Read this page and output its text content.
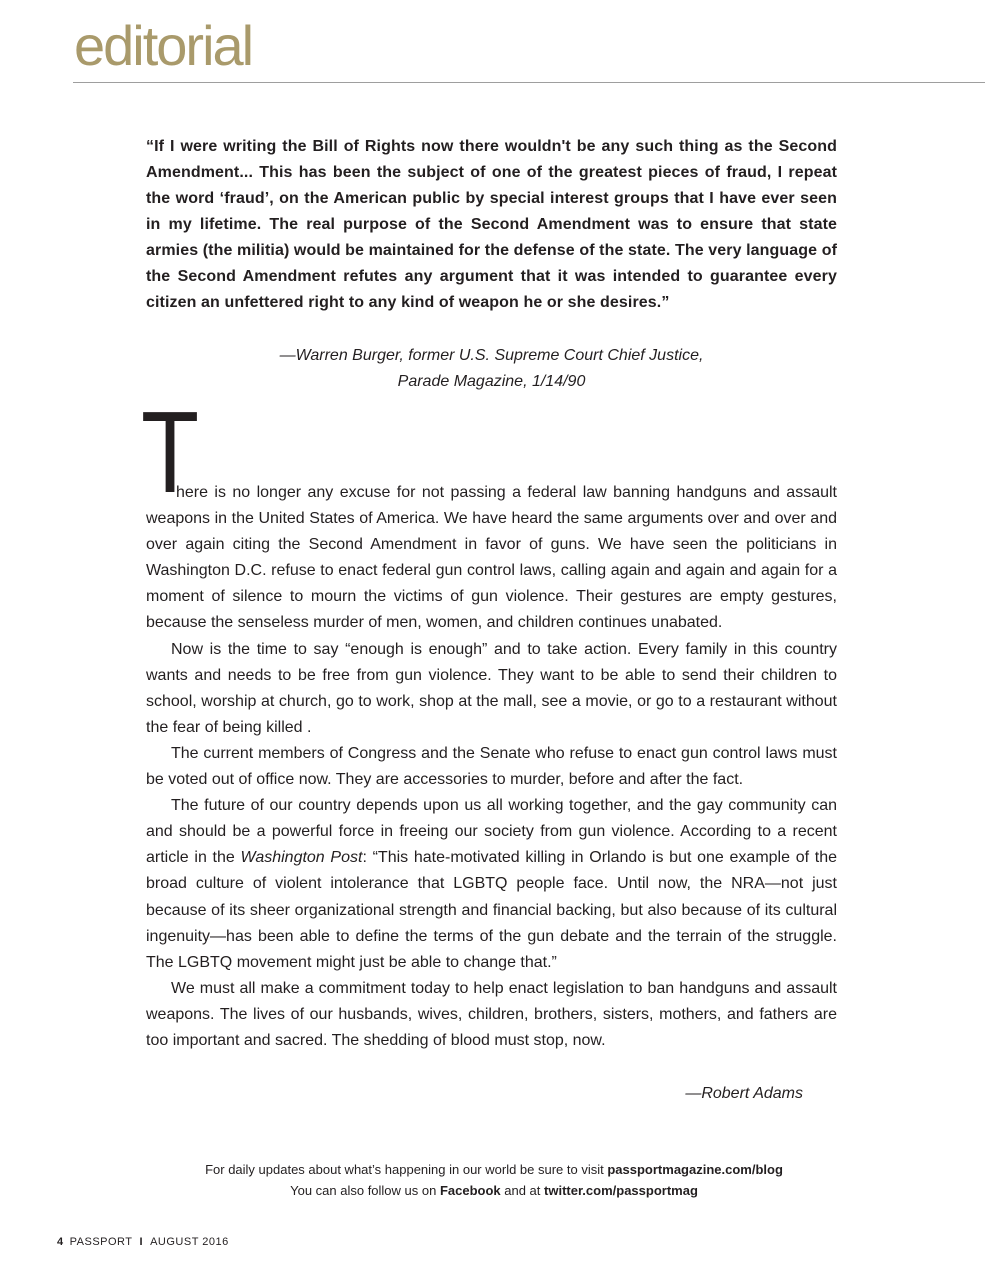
editorial

“If I were writing the Bill of Rights now there wouldn't be any such thing as the Second Amendment... This has been the subject of one of the greatest pieces of fraud, I repeat the word ‘fraud’, on the American public by special interest groups that I have ever seen in my lifetime. The real purpose of the Second Amendment was to ensure that state armies (the militia) would be maintained for the defense of the state. The very language of the Second Amendment refutes any argument that it was intended to guarantee every citizen an unfettered right to any kind of weapon he or she desires.”

—Warren Burger, former U.S. Supreme Court Chief Justice,
Parade Magazine, 1/14/90
T

here is no longer any excuse for not passing a federal law banning handguns and assault weapons in the United States of America. We have heard the same arguments over and over and over again citing the Second Amendment in favor of guns. We have seen the politicians in Washington D.C. refuse to enact federal gun control laws, calling again and again and again for a moment of silence to mourn the victims of gun violence. Their gestures are empty gestures, because the senseless murder of men, women, and children continues unabated.

Now is the time to say “enough is enough” and to take action. Every family in this country wants and needs to be free from gun violence. They want to be able to send their children to school, worship at church, go to work, shop at the mall, see a movie, or go to a restaurant without the fear of being killed .

The current members of Congress and the Senate who refuse to enact gun control laws must be voted out of office now. They are accessories to murder, before and after the fact.

The future of our country depends upon us all working together, and the gay community can and should be a powerful force in freeing our society from gun violence. According to a recent article in the Washington Post: “This hate-motivated killing in Orlando is but one example of the broad culture of violent intolerance that LGBTQ people face. Until now, the NRA—not just because of its sheer organizational strength and financial backing, but also because of its cultural ingenuity—has been able to define the terms of the gun debate and the terrain of the struggle. The LGBTQ movement might just be able to change that.”

We must all make a commitment today to help enact legislation to ban handguns and assault weapons. The lives of our husbands, wives, children, brothers, sisters, mothers, and fathers are too important and sacred. The shedding of blood must stop, now.

—Robert Adams
For daily updates about what’s happening in our world be sure to visit passportmagazine.com/blog
You can also follow us on Facebook and at twitter.com/passportmag
4 PASSPORT I AUGUST 2016
